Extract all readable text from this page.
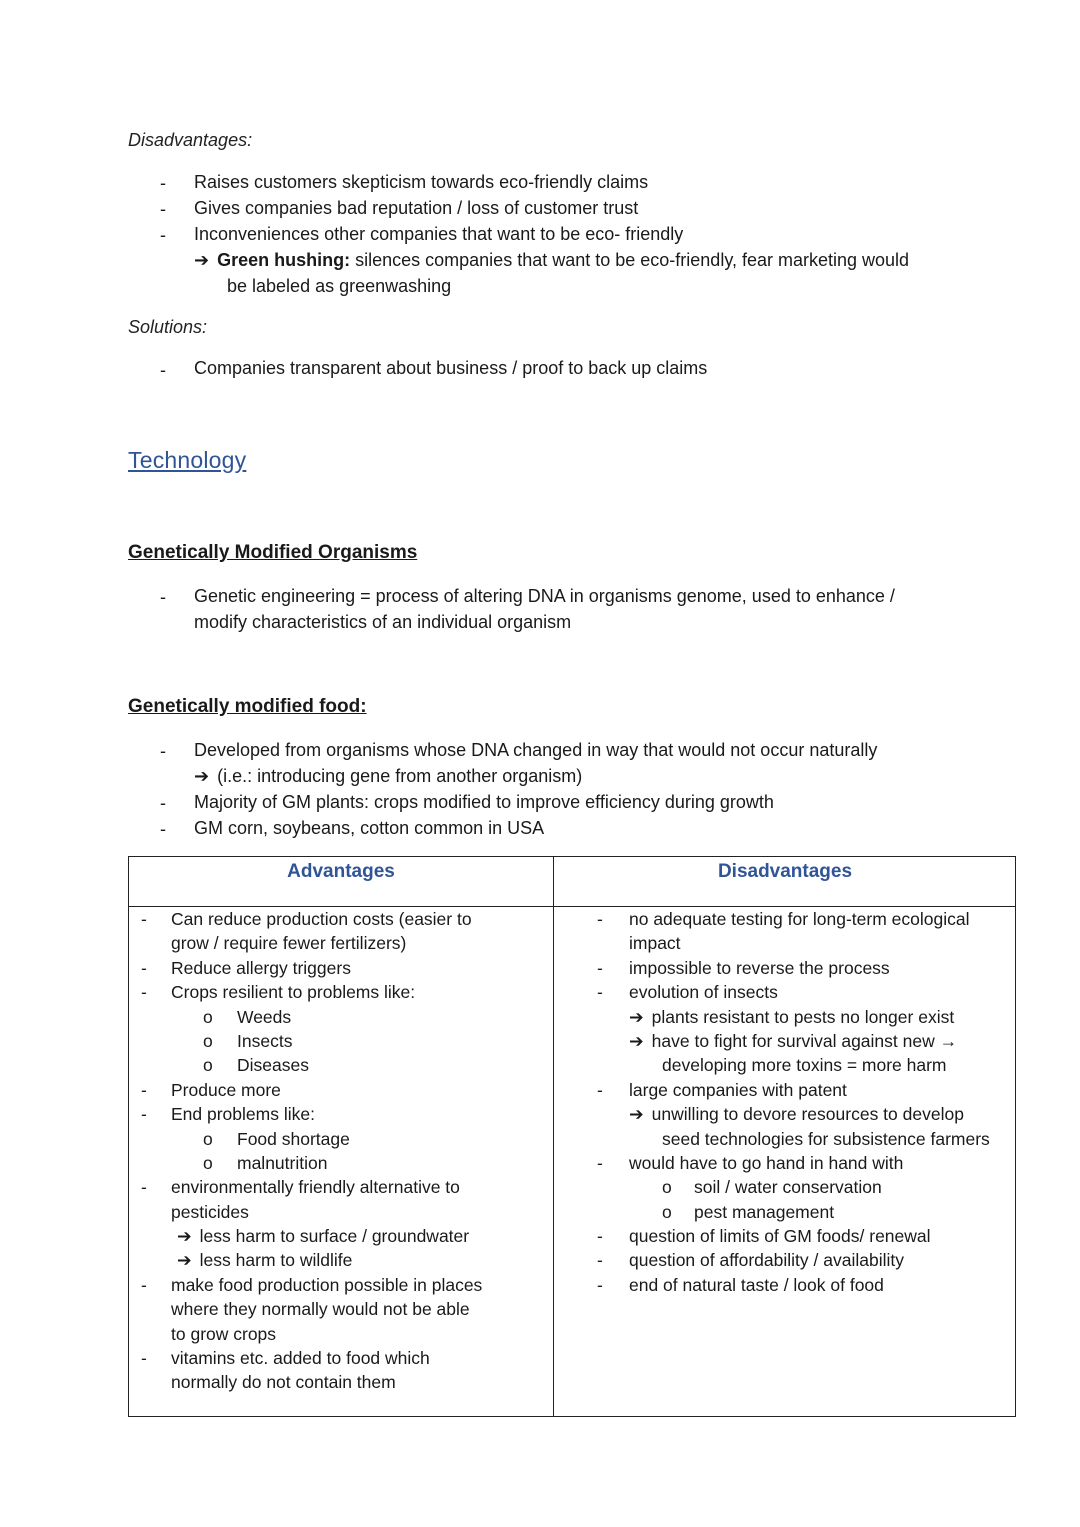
Disadvantages:
- Raises customers skepticism towards eco-friendly claims
- Gives companies bad reputation / loss of customer trust
- Inconveniences other companies that want to be eco- friendly
➔ Green hushing: silences companies that want to be eco-friendly, fear marketing would
be labeled as greenwashing
Solutions:
- Companies transparent about business / proof to back up claims
Technology
Genetically Modified Organisms
- Genetic engineering = process of altering DNA in organisms genome, used to enhance /
modify characteristics of an individual organism
Genetically modified food:
- Developed from organisms whose DNA changed in way that would not occur naturally
➔ (i.e.: introducing gene from another organism)
- Majority of GM plants: crops modified to improve efficiency during growth
- GM corn, soybeans, cotton common in USA
Advantages	Disadvantages
- Can reduce production costs (easier to
grow / require fewer fertilizers)
- Reduce allergy triggers
- Crops resilient to problems like:
o Weeds
o Insects
o Diseases
- Produce more
- End problems like:
o Food shortage
o malnutrition
- environmentally friendly alternative to
pesticides
➔ less harm to surface / groundwater
➔ less harm to wildlife
- make food production possible in places
where they normally would not be able
to grow crops
- vitamins etc. added to food which
normally do not contain them
- no adequate testing for long-term ecological
impact
- impossible to reverse the process
- evolution of insects
➔ plants resistant to pests no longer exist
➔ have to fight for survival against new →
developing more toxins = more harm
- large companies with patent
➔ unwilling to devore resources to develop
seed technologies for subsistence farmers
- would have to go hand in hand with
o soil / water conservation
o pest management
- question of limits of GM foods/ renewal
- question of affordability / availability
- end of natural taste / look of food
